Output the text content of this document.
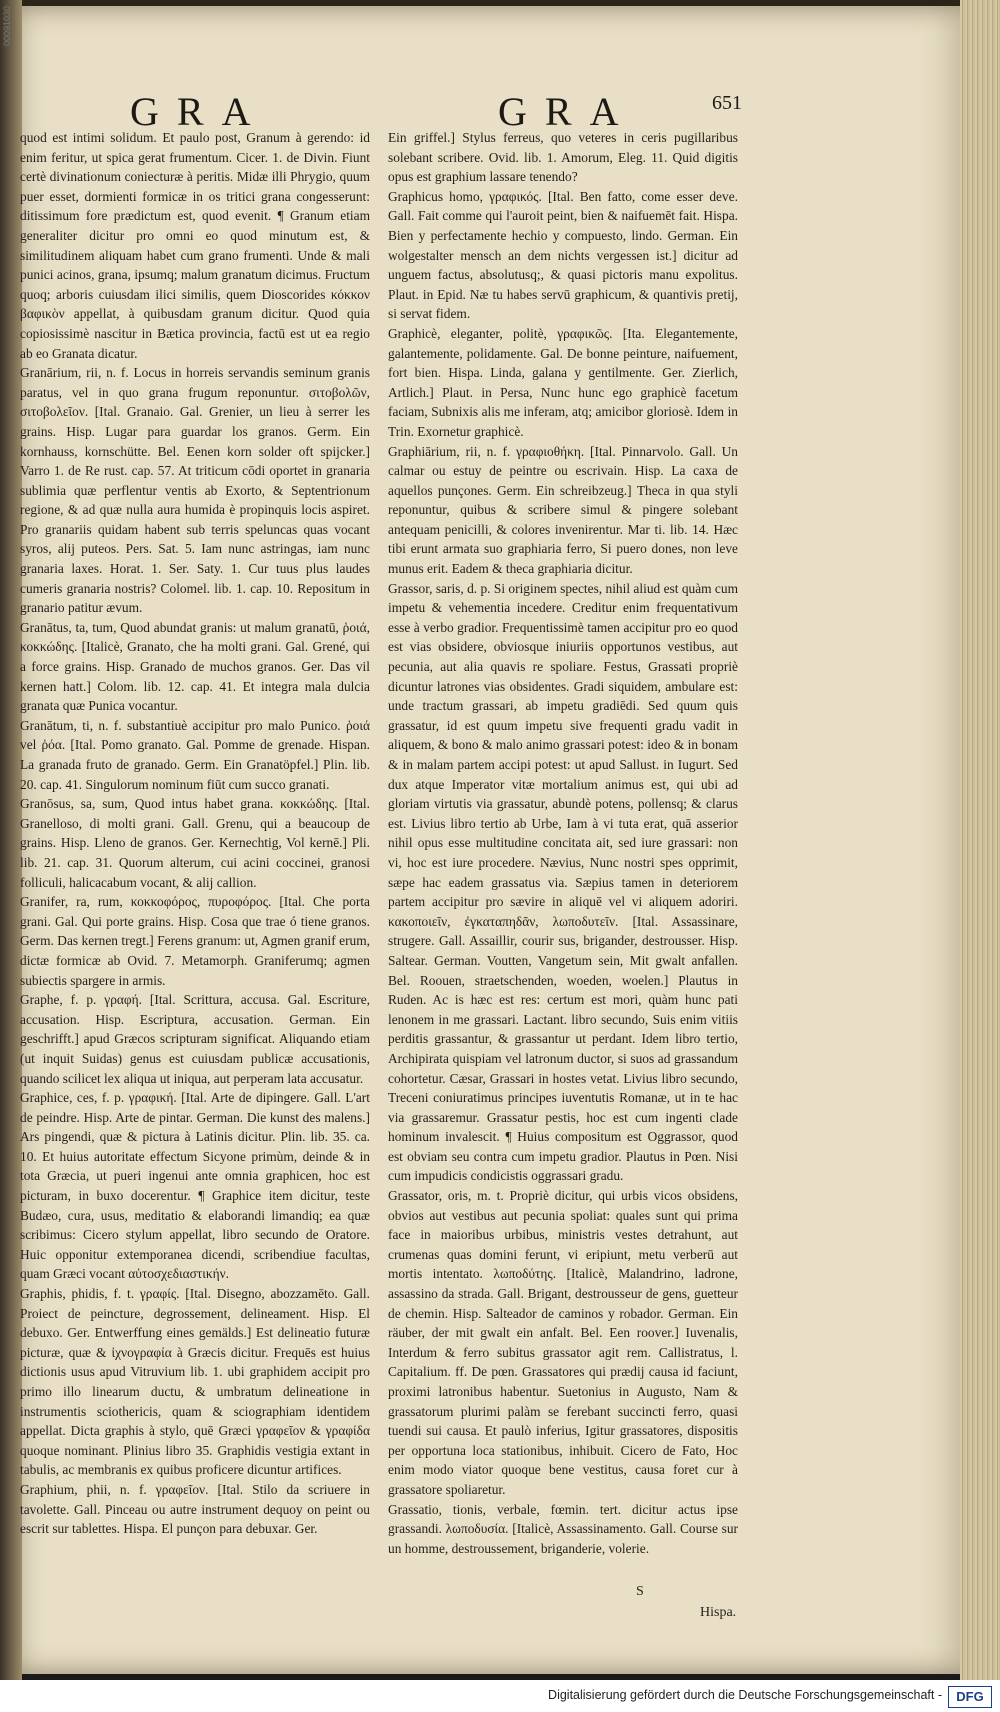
00091030
GRA	GRA	651

quod est intimi solidum. Et paulo post, Granum à gerendo: id enim feritur, ut spica gerat frumentum. Cicer. 1. de Divin. Fiunt certè divinationum coniecturæ à peritis. Midæ illi Phrygio, quum puer esset, dormienti formicæ in os tritici grana congesserunt: ditissimum fore prædictum est, quod evenit. ¶ Granum etiam generaliter dicitur pro omni eo quod minutum est, & similitudinem aliquam habet cum grano frumenti. Unde & mali punici acinos, grana, ipsumq; malum granatum dicimus. Fructum quoq; arboris cuiusdam ilici similis, quem Dioscorides κόκκον βαφικὸν appellat, à quibusdam granum dicitur. Quod quia copiosissimè nascitur in Bætica provincia, factū est ut ea regio ab eo Granata dicatur.

Granārium, rii, n. f. Locus in horreis servandis seminum granis paratus, vel in quo grana frugum reponuntur. σιτοβολῶν, σιτοβολεῖον. [Ital. Granaio. Gal. Grenier, un lieu à serrer les grains. Hisp. Lugar para guardar los granos. Germ. Ein kornhauss, kornschütte. Bel. Eenen korn solder oft spijcker.] Varro 1. de Re rust. cap. 57. At triticum cōdi oportet in granaria sublimia quæ perflentur ventis ab Exorto, & Septentrionum regione, & ad quæ nulla aura humida è propinquis locis aspiret. Pro granariis quidam habent sub terris speluncas quas vocant syros, alij puteos. Pers. Sat. 5. Iam nunc astringas, iam nunc granaria laxes. Horat. 1. Ser. Saty. 1. Cur tuus plus laudes cumeris granaria nostris? Colomel. lib. 1. cap. 10. Repositum in granario patitur ævum.

Granātus, ta, tum, Quod abundat granis: ut malum granatū, ῥοιά, κοκκώδης. [Italicè, Granato, che ha molti grani. Gal. Grené, qui a force grains. Hisp. Granado de muchos granos. Ger. Das vil kernen hatt.] Colom. lib. 12. cap. 41. Et integra mala dulcia granata quæ Punica vocantur.

Granātum, ti, n. f. substantiuè accipitur pro malo Punico. ῥοιά vel ῥόα. [Ital. Pomo granato. Gal. Pomme de grenade. Hispan. La granada fruto de granado. Germ. Ein Granatöpfel.] Plin. lib. 20. cap. 41. Singulorum nominum fiūt cum succo granati.

Granōsus, sa, sum, Quod intus habet grana. κοκκώδης. [Ital. Granelloso, di molti grani. Gall. Grenu, qui a beaucoup de grains. Hisp. Lleno de granos. Ger. Kernechtig, Vol kernē.] Pli. lib. 21. cap. 31. Quorum alterum, cui acini coccinei, granosi folliculi, halicacabum vocant, & alij callion.

Granifer, ra, rum, κοκκοφόρος, πυροφόρος. [Ital. Che porta grani. Gal. Qui porte grains. Hisp. Cosa que trae ó tiene granos. Germ. Das kernen tregt.] Ferens granum: ut, Agmen granif erum, dictæ formicæ ab Ovid. 7. Metamorph. Graniferumq; agmen subiectis spargere in armis.

Graphe, f. p. γραφή. [Ital. Scrittura, accusa. Gal. Escriture, accusation. Hisp. Escriptura, accusation. German. Ein geschrifft.] apud Græcos scripturam significat. Aliquando etiam (ut inquit Suidas) genus est cuiusdam publicæ accusationis, quando scilicet lex aliqua ut iniqua, aut perperam lata accusatur.

Graphice, ces, f. p. γραφική. [Ital. Arte de dipingere. Gall. L'art de peindre. Hisp. Arte de pintar. German. Die kunst des malens.] Ars pingendi, quæ & pictura à Latinis dicitur. Plin. lib. 35. ca. 10. Et huius autoritate effectum Sicyone primùm, deinde & in tota Græcia, ut pueri ingenui ante omnia graphicen, hoc est picturam, in buxo docerentur. ¶ Graphice item dicitur, teste Budæo, cura, usus, meditatio & elaborandi limandiq; ea quæ scribimus: Cicero stylum appellat, libro secundo de Oratore. Huic opponitur extemporanea dicendi, scribendiue facultas, quam Græci vocant αὐτοσχεδιαστικήν.

Graphis, phidis, f. t. γραφίς. [Ital. Disegno, abozzamēto. Gall. Proiect de peincture, degrossement, delineament. Hisp. El debuxo. Ger. Entwerffung eines gemälds.] Est delineatio futuræ picturæ, quæ & ἰχνογραφία à Græcis dicitur. Frequēs est huius dictionis usus apud Vitruvium lib. 1. ubi graphidem accipit pro primo illo linearum ductu, & umbratum delineatione in instrumentis sciothericis, quam & sciographiam identidem appellat. Dicta graphis à stylo, quē Græci γραφεῖον & γραφίδα quoque nominant. Plinius libro 35. Graphidis vestigia extant in tabulis, ac membranis ex quibus proficere dicuntur artifices.

Graphium, phii, n. f. γραφεῖον. [Ital. Stilo da scriuere in tavolette. Gall. Pinceau ou autre instrument dequoy on peint ou escrit sur tablettes. Hispa. El punçon para debuxar. Ger.

Ein griffel.] Stylus ferreus, quo veteres in ceris pugillaribus solebant scribere. Ovid. lib. 1. Amorum, Eleg. 11. Quid digitis opus est graphium lassare tenendo?

Graphicus homo, γραφικός. [Ital. Ben fatto, come esser deve. Gall. Fait comme qui l'auroit peint, bien & naifuemēt fait. Hispa. Bien y perfectamente hechio y compuesto, lindo. German. Ein wolgestalter mensch an dem nichts vergessen ist.] dicitur ad unguem factus, absolutusq;, & quasi pictoris manu expolitus. Plaut. in Epid. Næ tu habes servū graphicum, & quantivis pretij, si servat fidem.

Graphicè, eleganter, politè, γραφικῶς. [Ita. Elegantemente, galantemente, polidamente. Gal. De bonne peinture, naifuement, fort bien. Hispa. Linda, galana y gentilmente. Ger. Zierlich, Artlich.] Plaut. in Persa, Nunc hunc ego graphicè facetum faciam, Subnixis alis me inferam, atq; amicibor gloriosè. Idem in Trin. Exornetur graphicè.

Graphiārium, rii, n. f. γραφιοθήκη. [Ital. Pinnarvolo. Gall. Un calmar ou estuy de peintre ou escrivain. Hisp. La caxa de aquellos punçones. Germ. Ein schreibzeug.] Theca in qua styli reponuntur, quibus & scribere simul & pingere solebant antequam penicilli, & colores invenirentur. Mar ti. lib. 14. Hæc tibi erunt armata suo graphiaria ferro, Si puero dones, non leve munus erit. Eadem & theca graphiaria dicitur.

Grassor, saris, d. p. Si originem spectes, nihil aliud est quàm cum impetu & vehementia incedere. Creditur enim frequentativum esse à verbo gradior. Frequentissimè tamen accipitur pro eo quod est vias obsidere, obviosque iniuriis opportunos vestibus, aut pecunia, aut alia quavis re spoliare. Festus, Grassati propriè dicuntur latrones vias obsidentes. Gradi siquidem, ambulare est: unde tractum grassari, ab impetu gradiēdi. Sed quum quis grassatur, id est quum impetu sive frequenti gradu vadit in aliquem, & bono & malo animo grassari potest: ideo & in bonam & in malam partem accipi potest: ut apud Sallust. in Iugurt. Sed dux atque Imperator vitæ mortalium animus est, qui ubi ad gloriam virtutis via grassatur, abundè potens, pollensq; & clarus est. Livius libro tertio ab Urbe, Iam à vi tuta erat, quā asserior nihil opus esse multitudine concitata ait, sed iure grassari: non vi, hoc est iure procedere. Nævius, Nunc nostri spes opprimit, sæpe hac eadem grassatus via. Sæpius tamen in deteriorem partem accipitur pro sævire in aliquē vel vi aliquem adoriri. κακοποιεῖν, ἐγκαταπηδᾶν, λωποδυτεῖν. [Ital. Assassinare, strugere. Gall. Assaillir, courir sus, brigander, destrousser. Hisp. Saltear. German. Voutten, Vangetum sein, Mit gwalt anfallen. Bel. Roouen, straetschenden, woeden, woelen.] Plautus in Ruden. Ac is hæc est res: certum est mori, quàm hunc pati lenonem in me grassari. Lactant. libro secundo, Suis enim vitiis perditis grassantur, & grassantur ut perdant. Idem libro tertio, Archipirata quispiam vel latronum ductor, si suos ad grassandum cohortetur. Cæsar, Grassari in hostes vetat. Livius libro secundo, Treceni coniuratimus principes iuventutis Romanæ, ut in te hac via grassaremur. Grassatur pestis, hoc est cum ingenti clade hominum invalescit. ¶ Huius compositum est Oggrassor, quod est obviam seu contra cum impetu gradior. Plautus in Pœn. Nisi cum impudicis condicistis oggrassari gradu.

Grassator, oris, m. t. Propriè dicitur, qui urbis vicos obsidens, obvios aut vestibus aut pecunia spoliat: quales sunt qui prima face in maioribus urbibus, ministris vestes detrahunt, aut crumenas quas domini ferunt, vi eripiunt, metu verberū aut mortis intentato. λωποδύτης. [Italicè, Malandrino, ladrone, assassino da strada. Gall. Brigant, destrousseur de gens, guetteur de chemin. Hisp. Salteador de caminos y robador. German. Ein räuber, der mit gwalt ein anfalt. Bel. Een roover.] Iuvenalis, Interdum & ferro subitus grassator agit rem. Callistratus, l. Capitalium. ff. De pœn. Grassatores qui prædij causa id faciunt, proximi latronibus habentur. Suetonius in Augusto, Nam & grassatorum plurimi palàm se ferebant succincti ferro, quasi tuendi sui causa. Et paulò inferius, Igitur grassatores, dispositis per opportuna loca stationibus, inhibuit. Cicero de Fato, Hoc enim modo viator quoque bene vestitus, causa foret cur à grassatore spoliaretur.

Grassatio, tionis, verbale, fœmin. tert. dicitur actus ipse grassandi. λωποδυσία. [Italicè, Assassinamento. Gall. Course sur un homme, destroussement, briganderie, volerie.

S
Hispa.
Digitalisierung gefördert durch die Deutsche Forschungsgemeinschaft -	DFG
